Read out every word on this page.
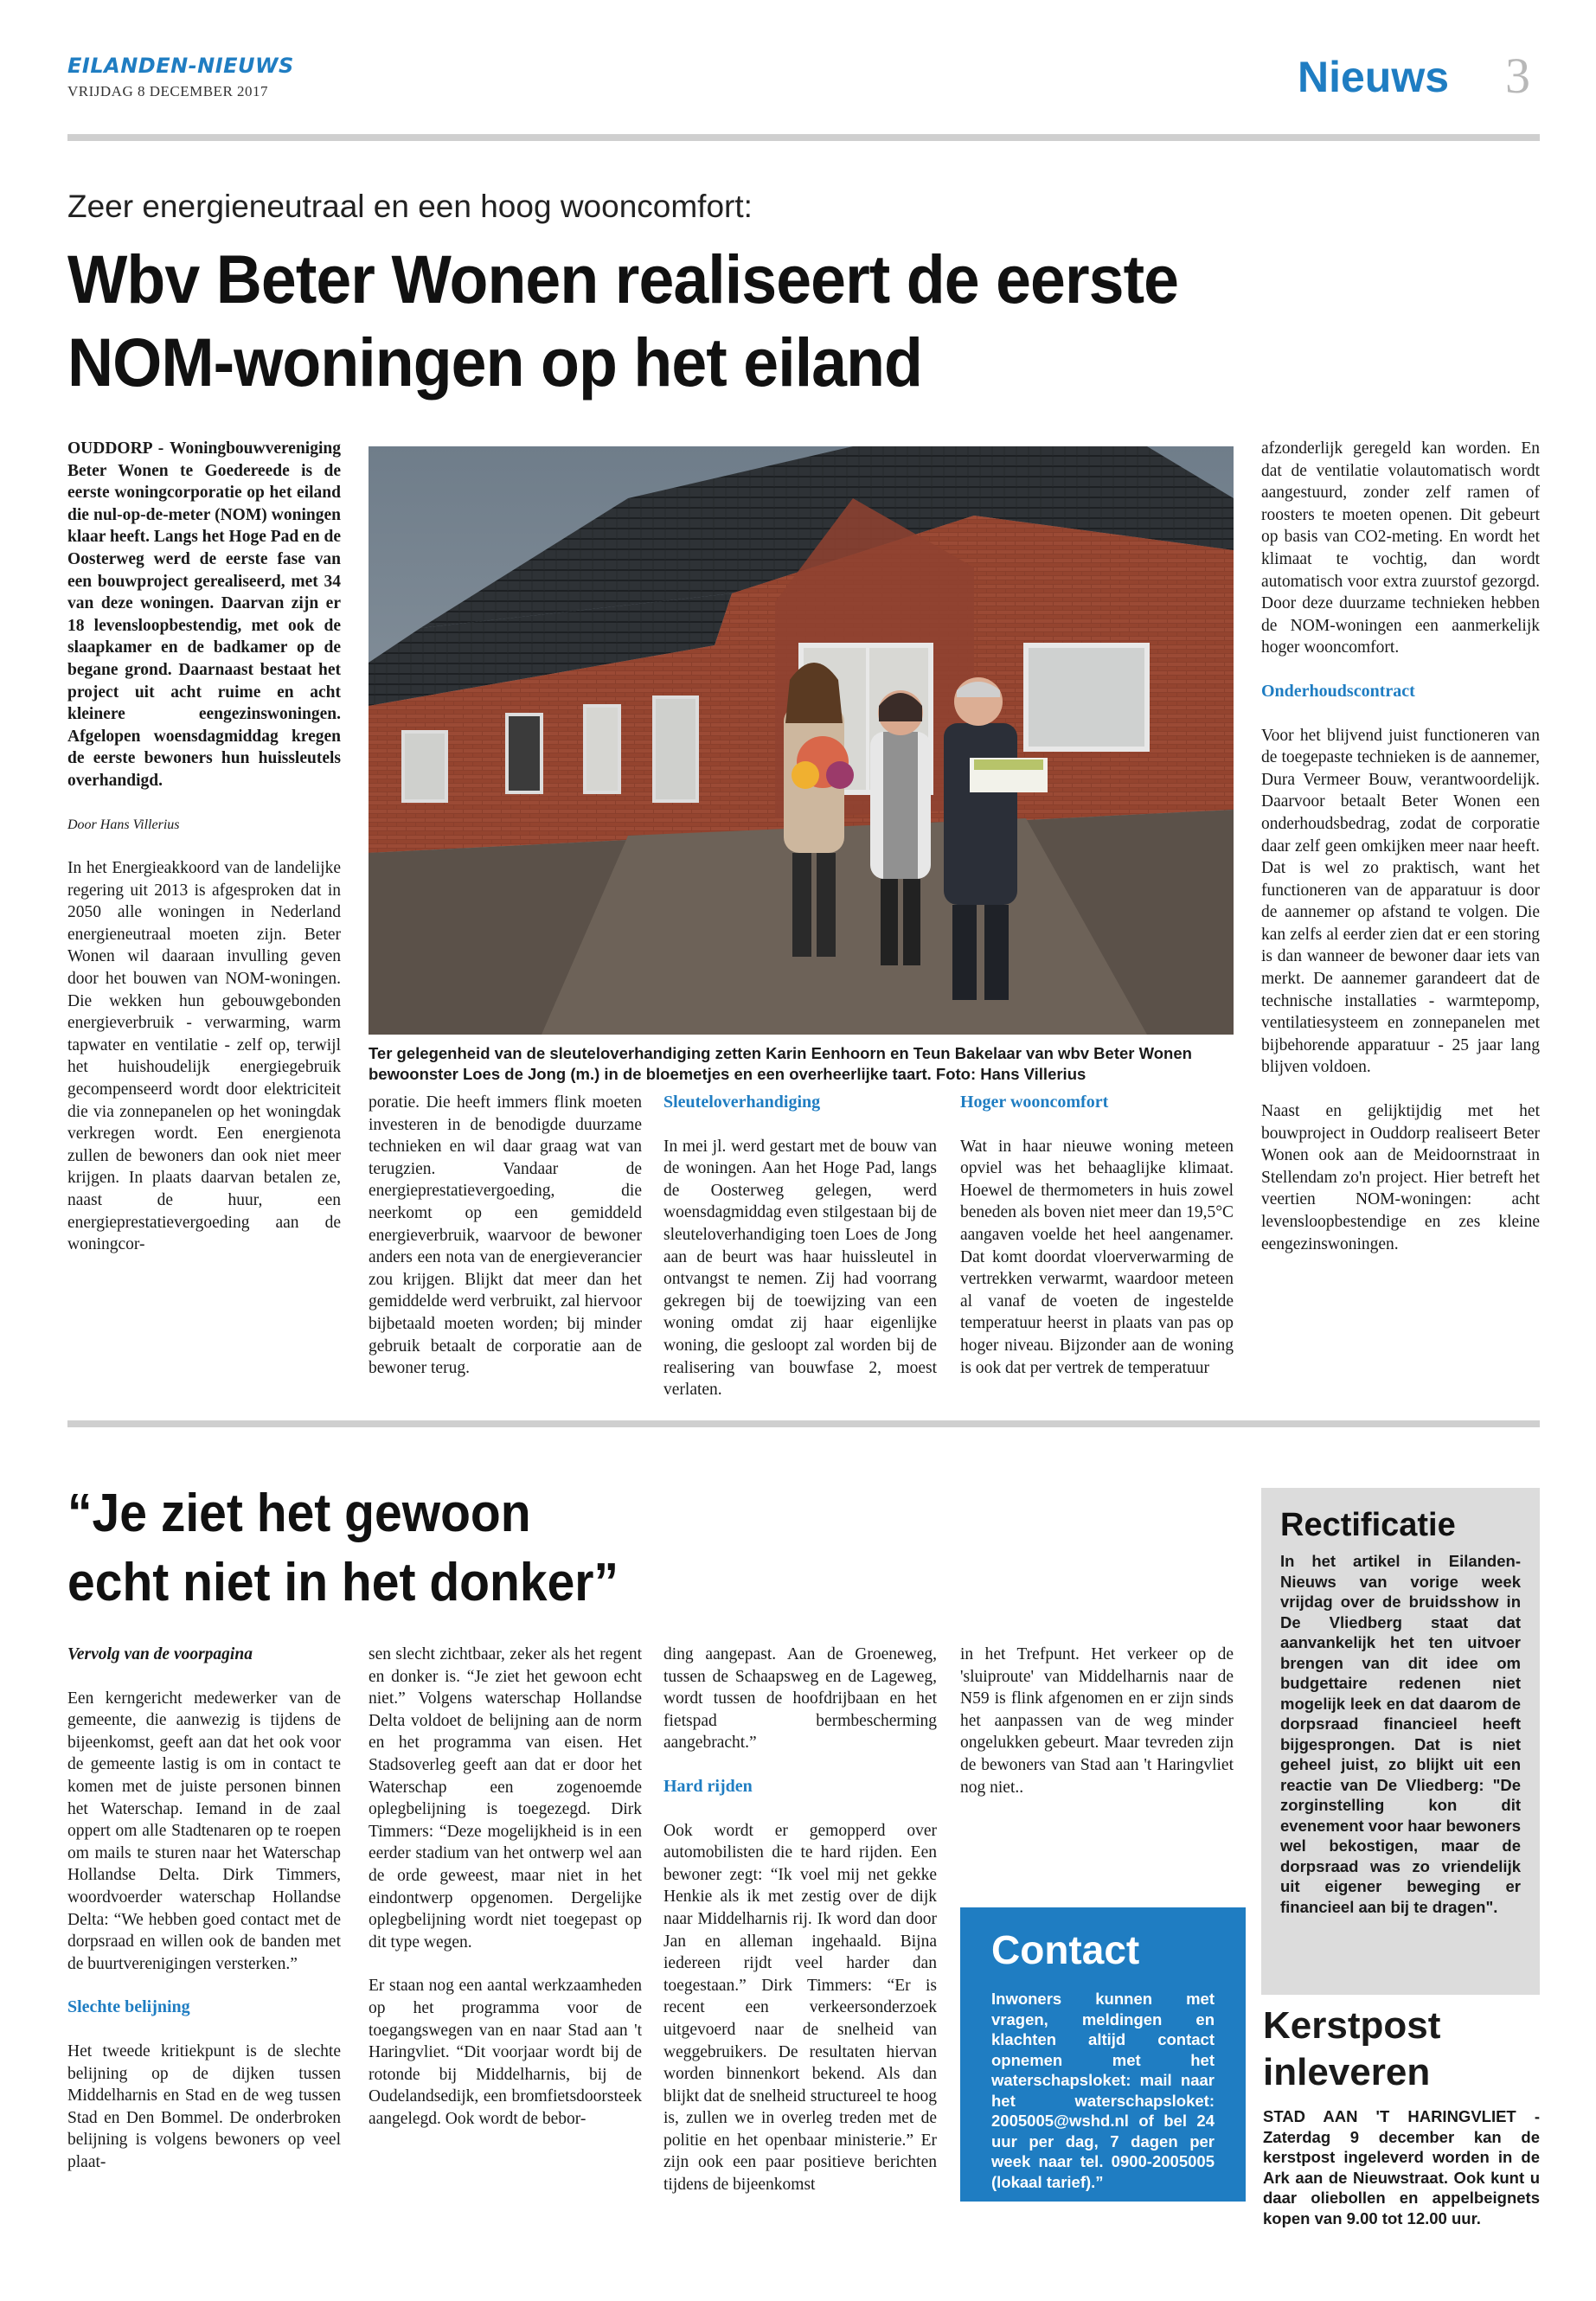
EILANDEN-NIEUWS
VRIJDAG 8 DECEMBER 2017	Nieuws 3
Zeer energieneutraal en een hoog wooncomfort:
Wbv Beter Wonen realiseert de eerste
NOM-woningen op het eiland

OUDDORP - Woningbouwvereniging Beter Wonen te Goedereede is de eerste woningcorporatie op het eiland die nul-op-de-meter (NOM) woningen klaar heeft. Langs het Hoge Pad en de Oosterweg werd de eerste fase van een bouwproject gerealiseerd, met 34 van deze woningen. Daarvan zijn er 18 levensloopbestendig, met ook de slaapkamer en de badkamer op de begane grond. Daarnaast bestaat het project uit acht ruime en acht kleinere eengezinswoningen. Afgelopen woensdagmiddag kregen de eerste bewoners hun huissleutels overhandigd.

Door Hans Villerius

In het Energieakkoord van de landelijke regering uit 2013 is afgesproken dat in 2050 alle woningen in Nederland energieneutraal moeten zijn. Beter Wonen wil daaraan invulling geven door het bouwen van NOM-woningen. Die wekken hun gebouwgebonden energieverbruik - verwarming, warm tapwater en ventilatie - zelf op, terwijl het huishoudelijk energiegebruik gecompenseerd wordt door elektriciteit die via zonnepanelen op het woningdak verkregen wordt. Een energienota zullen de bewoners dan ook niet meer krijgen. In plaats daarvan betalen ze, naast de huur, een energieprestatievergoeding aan de woningcor-

Ter gelegenheid van de sleuteloverhandiging zetten Karin Eenhoorn en Teun Bakelaar van wbv Beter Wonen bewoonster Loes de Jong (m.) in de bloemetjes en een overheerlijke taart. Foto: Hans Villerius

poratie. Die heeft immers flink moeten investeren in de benodigde duurzame technieken en wil daar graag wat van terugzien. Vandaar de energieprestatievergoeding, die neerkomt op een gemiddeld energieverbruik, waarvoor de bewoner anders een nota van de energieverancier zou krijgen. Blijkt dat meer dan het gemiddelde werd verbruikt, zal hiervoor bijbetaald moeten worden; bij minder gebruik betaalt de corporatie aan de bewoner terug.

Sleuteloverhandiging

In mei jl. werd gestart met de bouw van de woningen. Aan het Hoge Pad, langs de Oosterweg gelegen, werd woensdagmiddag even stilgestaan bij de sleuteloverhandiging toen Loes de Jong aan de beurt was haar huissleutel in ontvangst te nemen. Zij had voorrang gekregen bij de toewijzing van een woning omdat zij haar eigenlijke woning, die gesloopt zal worden bij de realisering van bouwfase 2, moest verlaten.

Hoger wooncomfort

Wat in haar nieuwe woning meteen opviel was het behaaglijke klimaat. Hoewel de thermometers in huis zowel beneden als boven niet meer dan 19,5°C aangaven voelde het heel aangenamer. Dat komt doordat vloerverwarming de vertrekken verwarmt, waardoor meteen al vanaf de voeten de ingestelde temperatuur heerst in plaats van pas op hoger niveau. Bijzonder aan de woning is ook dat per vertrek de temperatuur

afzonderlijk geregeld kan worden. En dat de ventilatie volautomatisch wordt aangestuurd, zonder zelf ramen of roosters te moeten openen. Dit gebeurt op basis van CO2-meting. En wordt het klimaat te vochtig, dan wordt automatisch voor extra zuurstof gezorgd. Door deze duurzame technieken hebben de NOM-woningen een aanmerkelijk hoger wooncomfort.

Onderhoudscontract

Voor het blijvend juist functioneren van de toegepaste technieken is de aannemer, Dura Vermeer Bouw, verantwoordelijk. Daarvoor betaalt Beter Wonen een onderhoudsbedrag, zodat de corporatie daar zelf geen omkijken meer naar heeft. Dat is wel zo praktisch, want het functioneren van de apparatuur is door de aannemer op afstand te volgen. Die kan zelfs al eerder zien dat er een storing is dan wanneer de bewoner daar iets van merkt. De aannemer garandeert dat de technische installaties - warmtepomp, ventilatiesysteem en zonnepanelen met bijbehorende apparatuur - 25 jaar lang blijven voldoen.

Naast en gelijktijdig met het bouwproject in Ouddorp realiseert Beter Wonen ook aan de Meidoornstraat in Stellendam zo'n project. Hier betreft het veertien NOM-woningen: acht levensloopbestendige en zes kleine eengezinswoningen.

“Je ziet het gewoon
echt niet in het donker”

Vervolg van de voorpagina

Een kerngericht medewerker van de gemeente, die aanwezig is tijdens de bijeenkomst, geeft aan dat het ook voor de gemeente lastig is om in contact te komen met de juiste personen binnen het Waterschap. Iemand in de zaal oppert om alle Stadtenaren op te roepen om mails te sturen naar het Waterschap Hollandse Delta. Dirk Timmers, woordvoerder waterschap Hollandse Delta: “We hebben goed contact met de dorpsraad en willen ook de banden met de buurtverenigingen versterken.”

Slechte belijning

Het tweede kritiekpunt is de slechte belijning op de dijken tussen Middelharnis en Stad en de weg tussen Stad en Den Bommel. De onderbroken belijning is volgens bewoners op veel plaat-

sen slecht zichtbaar, zeker als het regent en donker is. “Je ziet het gewoon echt niet.” Volgens waterschap Hollandse Delta voldoet de belijning aan de norm en het programma van eisen. Het Stadsoverleg geeft aan dat er door het Waterschap een zogenoemde oplegbelijning is toegezegd. Dirk Timmers: “Deze mogelijkheid is in een eerder stadium van het ontwerp wel aan de orde geweest, maar niet in het eindontwerp opgenomen. Dergelijke oplegbelijning wordt niet toegepast op dit type wegen.

Er staan nog een aantal werkzaamheden op het programma voor de toegangswegen van en naar Stad aan 't Haringvliet. “Dit voorjaar wordt bij de rotonde bij Middelharnis, bij de Oudelandsedijk, een bromfietsdoorsteek aangelegd. Ook wordt de bebor-

ding aangepast. Aan de Groeneweg, tussen de Schaapsweg en de Lageweg, wordt tussen de hoofdrijbaan en het fietspad bermbescherming aangebracht.”

Hard rijden

Ook wordt er gemopperd over automobilisten die te hard rijden. Een bewoner zegt: “Ik voel mij net gekke Henkie als ik met zestig over de dijk naar Middelharnis rij. Ik word dan door Jan en alleman ingehaald. Bijna iedereen rijdt veel harder dan toegestaan.” Dirk Timmers: “Er is recent een verkeersonderzoek uitgevoerd naar de snelheid van weggebruikers. De resultaten hiervan worden binnenkort bekend. Als dan blijkt dat de snelheid structureel te hoog is, zullen we in overleg treden met de politie en het openbaar ministerie.” Er zijn ook een paar positieve berichten tijdens de bijeenkomst

in het Trefpunt. Het verkeer op de 'sluiproute' van Middelharnis naar de N59 is flink afgenomen en er zijn sinds het aanpassen van de weg minder ongelukken gebeurt. Maar tevreden zijn de bewoners van Stad aan 't Haringvliet nog niet..

Contact
Inwoners kunnen met vragen, meldingen en klachten altijd contact opnemen met het waterschapsloket: mail naar het waterschapsloket: 2005005@wshd.nl of bel 24 uur per dag, 7 dagen per week naar tel. 0900-2005005 (lokaal tarief).”
Rectificatie
In het artikel in Eilanden-Nieuws van vorige week vrijdag over de bruidsshow in De Vliedberg staat dat aanvankelijk het ten uitvoer brengen van dit idee om budgettaire redenen niet mogelijk leek en dat daarom de dorpsraad financieel heeft bijgesprongen. Dat is niet geheel juist, zo blijkt uit een reactie van De Vliedberg: "De zorginstelling kon dit evenement voor haar bewoners wel bekostigen, maar de dorpsraad was zo vriendelijk uit eigener beweging er financieel aan bij te dragen".
Kerstpost
inleveren
STAD AAN 'T HARINGVLIET - Zaterdag 9 december kan de kerstpost ingeleverd worden in de Ark aan de Nieuwstraat. Ook kunt u daar oliebollen en appelbeignets kopen van 9.00 tot 12.00 uur.
